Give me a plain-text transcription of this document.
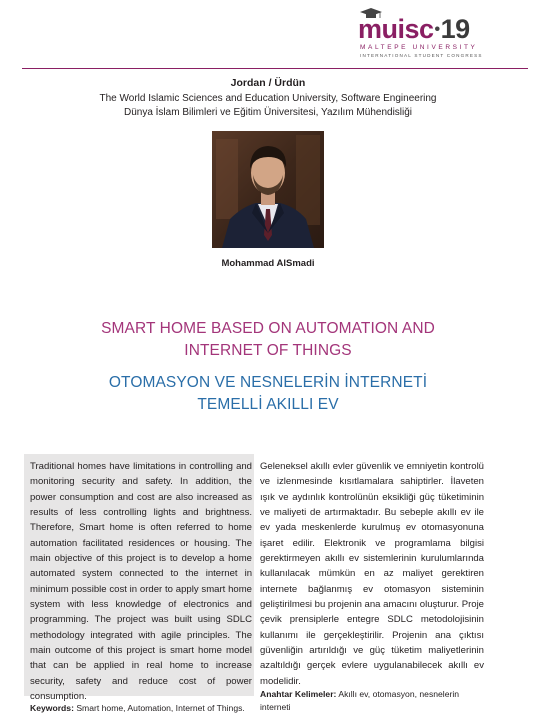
muisc•19
MALTEPE UNIVERSITY
INTERNATIONAL STUDENT CONGRESS
Jordan / Ürdün
The World Islamic Sciences and Education University, Software Engineering
Dünya İslam Bilimleri ve Eğitim Üniversitesi, Yazılım Mühendisliği
Mohammad AlSmadi
SMART HOME BASED ON AUTOMATION AND
INTERNET OF THINGS
OTOMASYON VE NESNELERİN İNTERNETİ
TEMELLİ AKILLI EV
Traditional homes have limitations in controlling and monitoring security and safety. In addition, the power consumption and cost are also increased as results of less controlling lights and brightness. Therefore, Smart home is often referred to home automation facilitated residences or housing. The main objective of this project is to develop a home automated system connected to the internet in minimum possible cost in order to apply smart home system with less knowledge of electronics and programming. The project was built using SDLC methodology integrated with agile principles. The main outcome of this project is smart home model that can be applied in real home to increase security, safety and reduce cost of power consumption.
Keywords: Smart home, Automation, Internet of Things.
Geleneksel akıllı evler güvenlik ve emniyetin kontrolü ve izlenmesinde kısıtlamalara sahiptirler. İlaveten ışık ve aydınlık kontrolünün eksikliği güç tüketiminin ve maliyeti de artırmaktadır. Bu sebeple akıllı ev ile ev yada meskenlerde kurulmuş ev otomasyonuna işaret edilir. Elektronik ve programlama bilgisi gerektirmeyen akıllı ev sistemlerinin kurulumlarında kullanılacak mümkün en az maliyet gerektiren internete bağlanmış ev otomasyon sisteminin geliştirilmesi bu projenin ana amacını oluşturur. Proje çevik prensiplerle entegre SDLC metodolojisinin kullanımı ile gerçekleştirilir. Projenin ana çıktısı güvenliğin artırıldığı ve güç tüketim maliyetlerinin azaltıldığı gerçek evlere uygulanabilecek akıllı ev modelidir.
Anahtar Kelimeler: Akıllı ev, otomasyon, nesnelerin interneti
